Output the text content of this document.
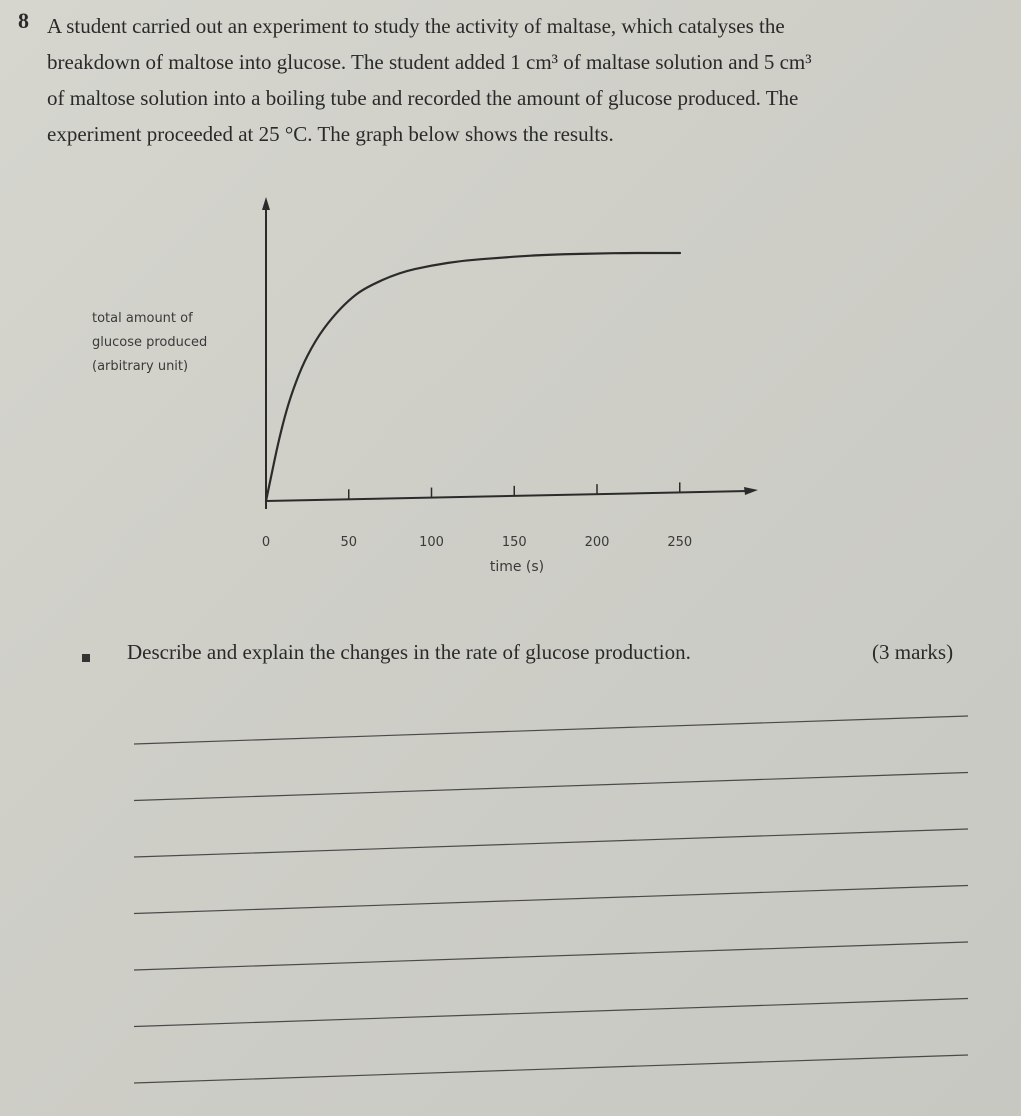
8 A student carried out an experiment to study the activity of maltase, which catalyses the
breakdown of maltose into glucose. The student added 1 cm³ of maltase solution and 5 cm³
of maltose solution into a boiling tube and recorded the amount of glucose produced. The
experiment proceeded at 25 °C. The graph below shows the results.
0	50	100	150	200	250
total amount of
glucose produced
(arbitrary unit)
time (s)
Describe and explain the changes in the rate of glucose production.	(3 marks)
